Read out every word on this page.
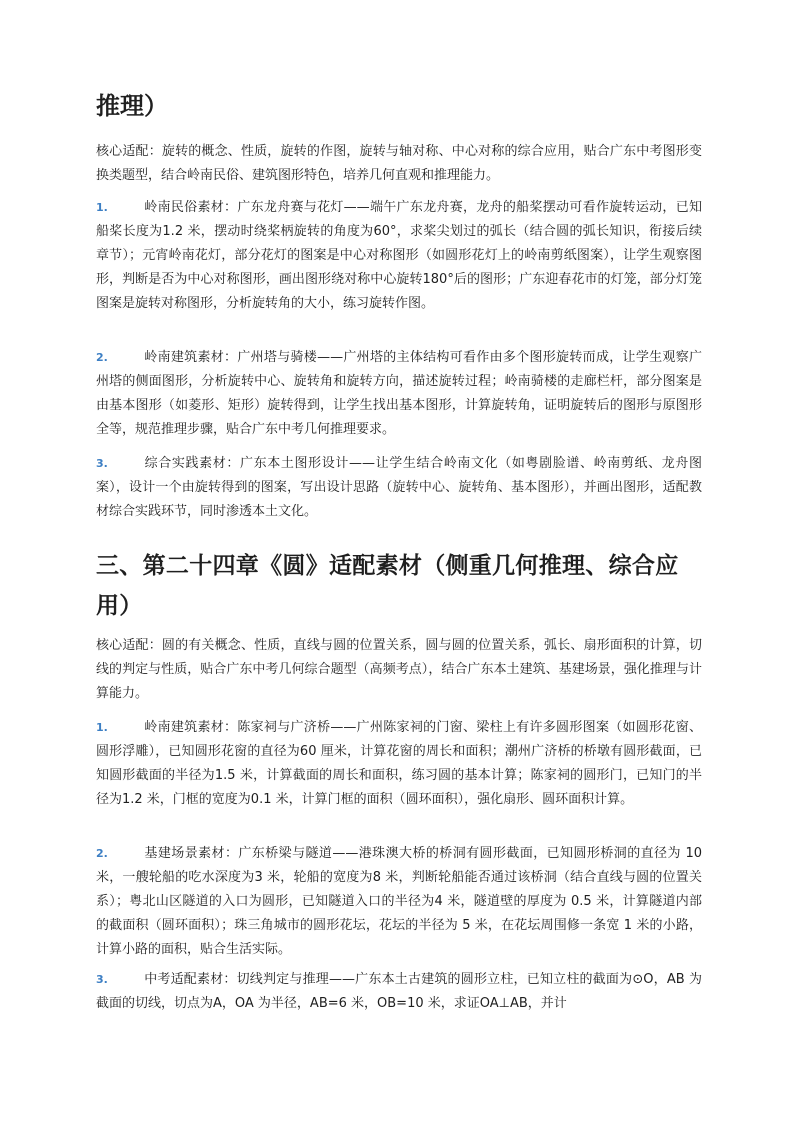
推理）

核心适配：旋转的概念、性质，旋转的作图，旋转与轴对称、中心对称的综合应用，贴合广东中考图形变换类题型，结合岭南民俗、建筑图形特色，培养几何直观和推理能力。

1.	岭南民俗素材：广东龙舟赛与花灯——端午广东龙舟赛，龙舟的船桨摆动可看作旋转运动，已知船桨长度为1.2 米，摆动时绕桨柄旋转的角度为60°，求桨尖划过的弧长（结合圆的弧长知识，衔接后续章节）；元宵岭南花灯，部分花灯的图案是中心对称图形（如圆形花灯上的岭南剪纸图案），让学生观察图形，判断是否为中心对称图形，画出图形绕对称中心旋转180°后的图形；广东迎春花市的灯笼，部分灯笼图案是旋转对称图形，分析旋转角的大小，练习旋转作图。

2.	岭南建筑素材：广州塔与骑楼——广州塔的主体结构可看作由多个图形旋转而成，让学生观察广州塔的侧面图形，分析旋转中心、旋转角和旋转方向，描述旋转过程；岭南骑楼的走廊栏杆，部分图案是由基本图形（如菱形、矩形）旋转得到，让学生找出基本图形，计算旋转角，证明旋转后的图形与原图形全等，规范推理步骤，贴合广东中考几何推理要求。

3.	综合实践素材：广东本土图形设计——让学生结合岭南文化（如粤剧脸谱、岭南剪纸、龙舟图案），设计一个由旋转得到的图案，写出设计思路（旋转中心、旋转角、基本图形），并画出图形，适配教材综合实践环节，同时渗透本土文化。

三、第二十四章《圆》适配素材（侧重几何推理、综合应用）

核心适配：圆的有关概念、性质，直线与圆的位置关系，圆与圆的位置关系，弧长、扇形面积的计算，切线的判定与性质，贴合广东中考几何综合题型（高频考点），结合广东本土建筑、基建场景，强化推理与计算能力。

1.	岭南建筑素材：陈家祠与广济桥——广州陈家祠的门窗、梁柱上有许多圆形图案（如圆形花窗、圆形浮雕），已知圆形花窗的直径为60 厘米，计算花窗的周长和面积；潮州广济桥的桥墩有圆形截面，已知圆形截面的半径为1.5 米，计算截面的周长和面积，练习圆的基本计算；陈家祠的圆形门，已知门的半径为1.2 米，门框的宽度为0.1 米，计算门框的面积（圆环面积），强化扇形、圆环面积计算。

2.	基建场景素材：广东桥梁与隧道——港珠澳大桥的桥洞有圆形截面，已知圆形桥洞的直径为 10 米，一艘轮船的吃水深度为3 米，轮船的宽度为8 米，判断轮船能否通过该桥洞（结合直线与圆的位置关系）；粤北山区隧道的入口为圆形，已知隧道入口的半径为4 米，隧道壁的厚度为 0.5 米，计算隧道内部的截面积（圆环面积）；珠三角城市的圆形花坛，花坛的半径为 5 米，在花坛周围修一条宽 1 米的小路，计算小路的面积，贴合生活实际。

3.	中考适配素材：切线判定与推理——广东本土古建筑的圆形立柱，已知立柱的截面为⊙O，AB 为截面的切线，切点为A，OA 为半径，AB=6 米，OB=10 米，求证OA⊥AB，并计
